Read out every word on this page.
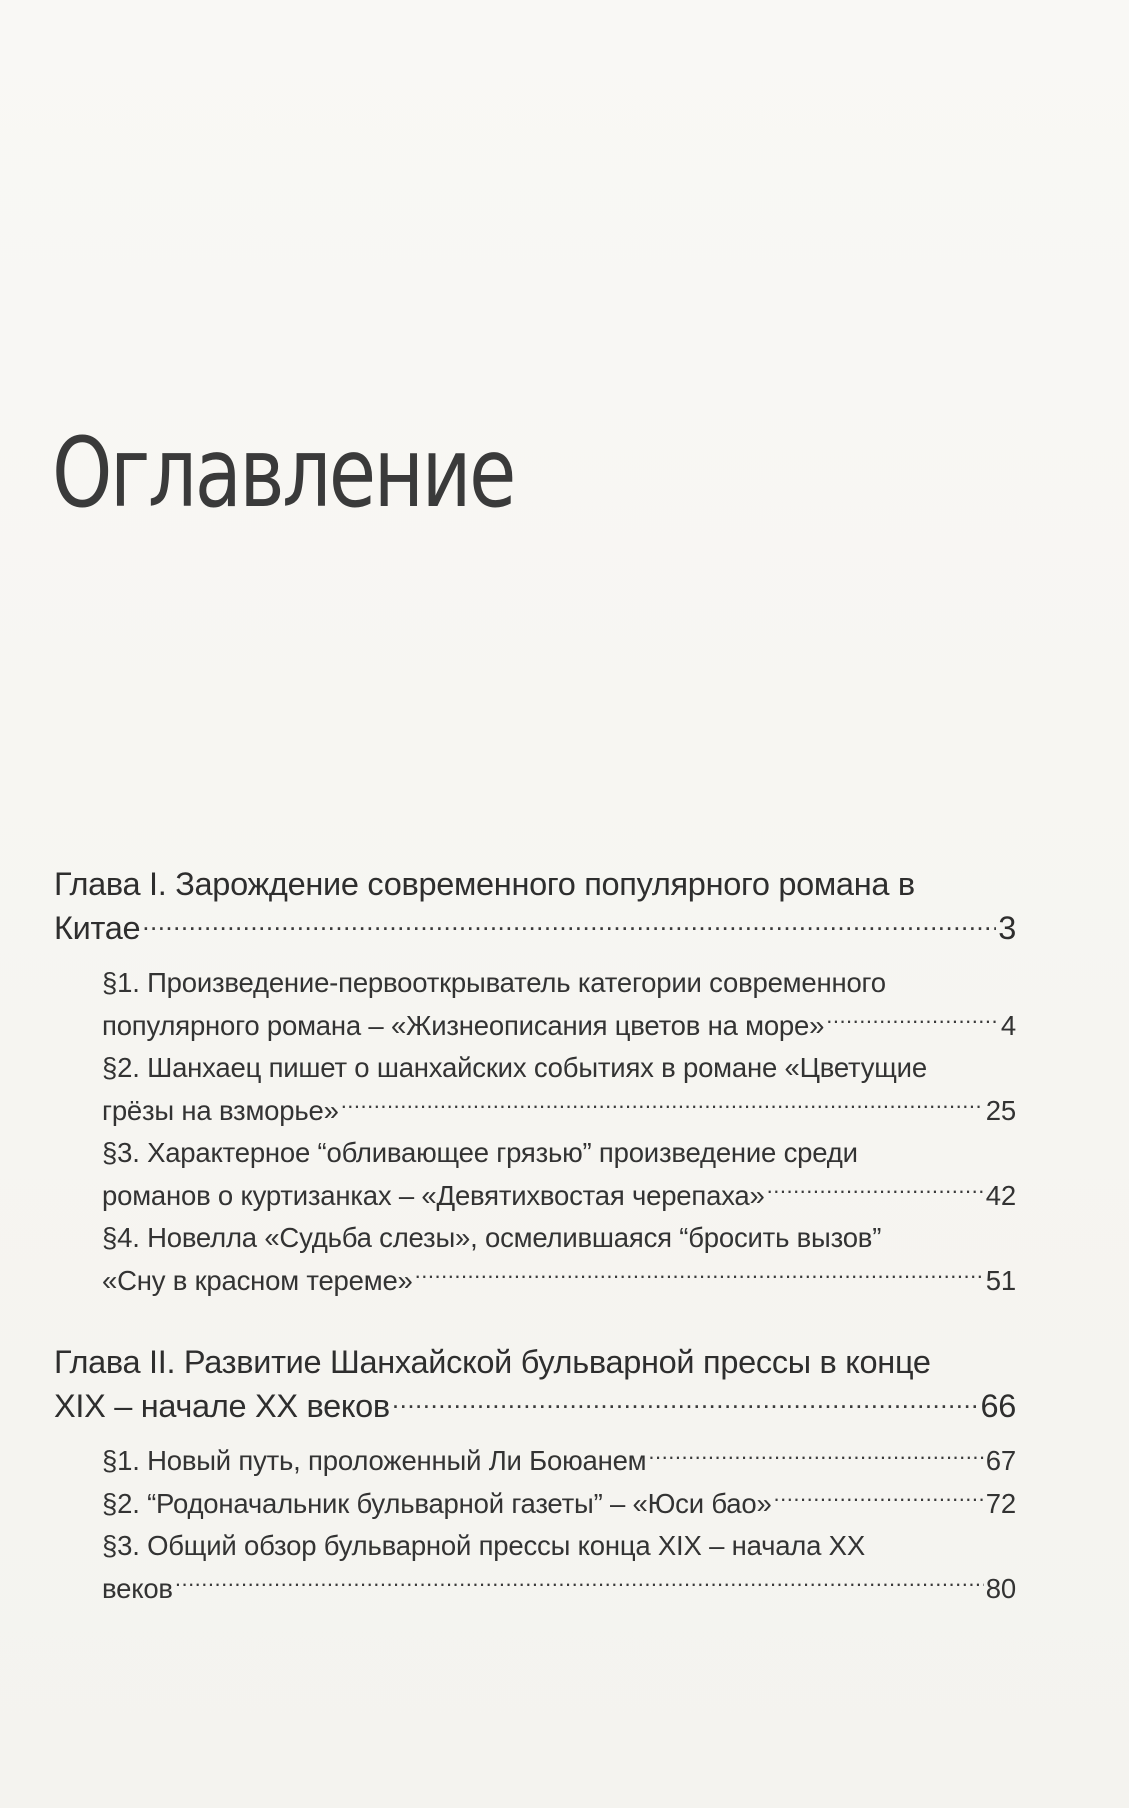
Оглавление
Глава I. Зарождение современного популярного романа в
Китае .....	3
§1. Произведение-первооткрыватель категории современного
популярного романа – «Жизнеописания цветов на море» .....	4
§2. Шанхаец пишет о шанхайских событиях в романе «Цветущие
грёзы на взморье» .....	25
§3. Характерное “обливающее грязью” произведение среди
романов о куртизанках – «Девятихвостая черепаха» .....	42
§4. Новелла «Судьба слезы», осмелившаяся “бросить вызов”
«Сну в красном тереме» .....	51
Глава II. Развитие Шанхайской бульварной прессы в конце
XIX – начале XX веков .....	66
§1. Новый путь, проложенный Ли Боюанем .....	67
§2. “Родоначальник бульварной газеты” – «Юси бао» .....	72
§3. Общий обзор бульварной прессы конца XIX – начала XX
веков .....	80
